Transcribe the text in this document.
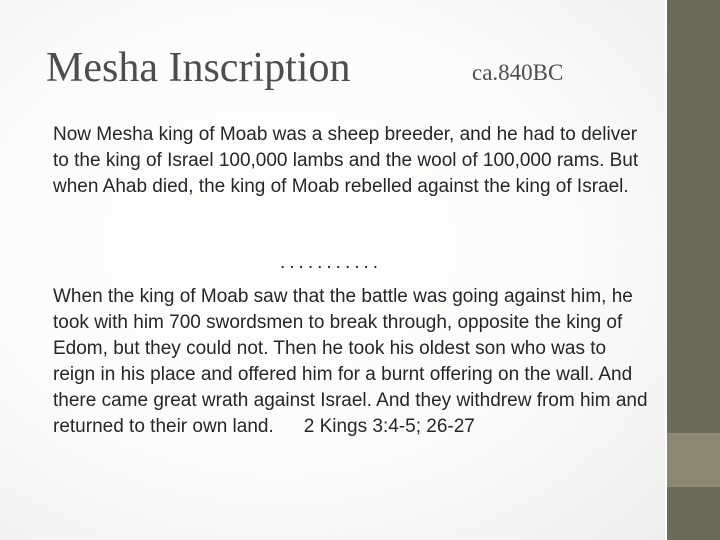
Mesha Inscription	ca.840BC

Now Mesha king of Moab was a sheep breeder, and he had to deliver to the king of Israel 100,000 lambs and the wool of 100,000 rams. But when Ahab died, the king of Moab rebelled against the king of Israel.

...........

When the king of Moab saw that the battle was going against him, he took with him 700 swordsmen to break through, opposite the king of Edom, but they could not. Then he took his oldest son who was to reign in his place and offered him for a burnt offering on the wall. And there came great wrath against Israel. And they withdrew from him and returned to their own land. 2 Kings 3:4-5; 26-27
